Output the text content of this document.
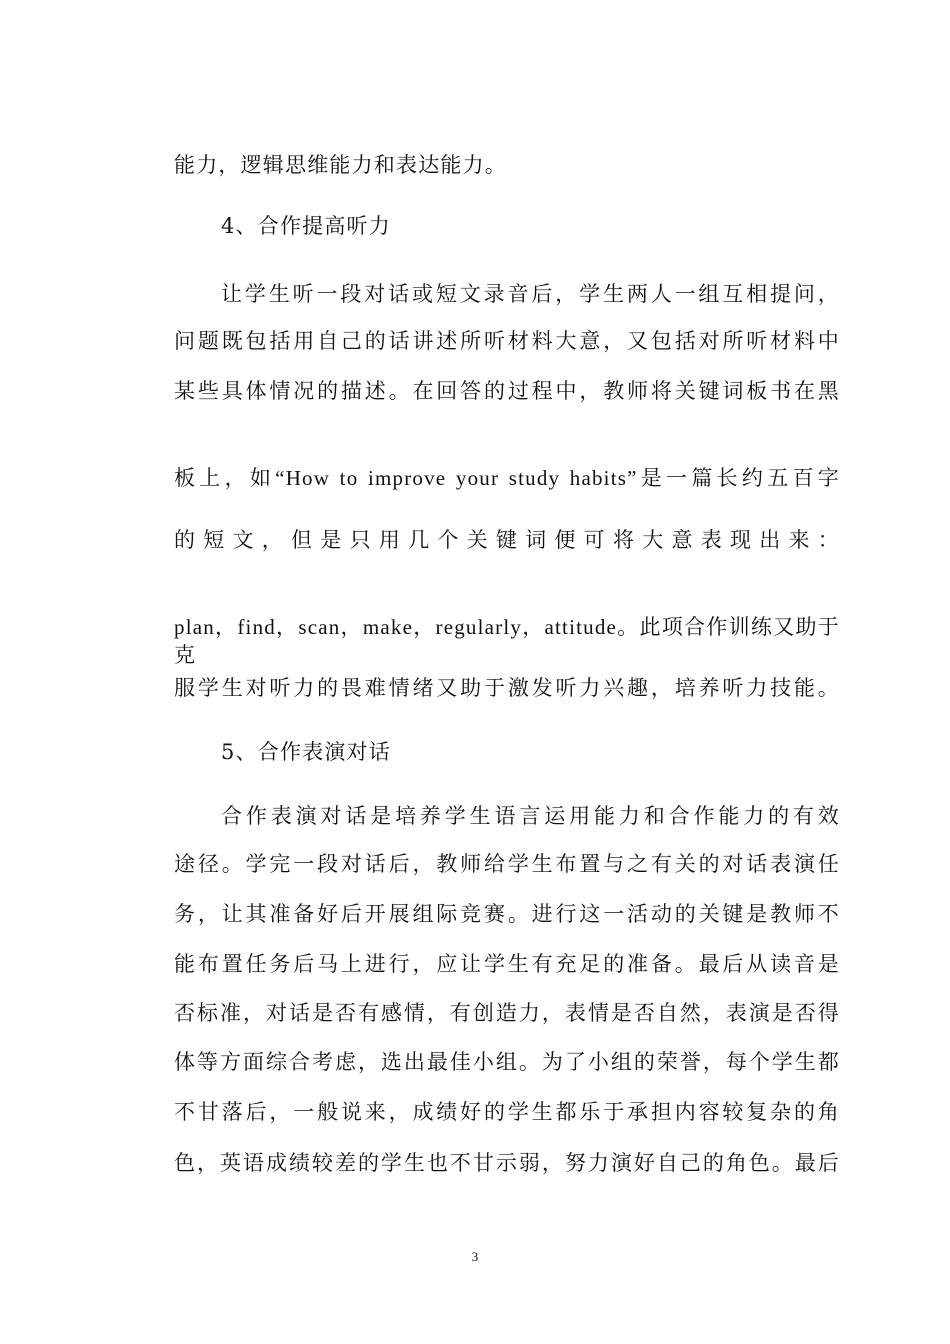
能力，逻辑思维能力和表达能力。
4、合作提高听力
让学生听一段对话或短文录音后，学生两人一组互相提问，
问题既包括用自己的话讲述所听材料大意，又包括对所听材料中
某些具体情况的描述。在回答的过程中，教师将关键词板书在黑
板上，如“How to improve your study habits”是一篇长约五百字
的短文，但是只用几个关键词便可将大意表现出来：
plan，find，scan，make，regularly，attitude。此项合作训练又助于克
服学生对听力的畏难情绪又助于激发听力兴趣，培养听力技能。
5、合作表演对话
合作表演对话是培养学生语言运用能力和合作能力的有效
途径。学完一段对话后，教师给学生布置与之有关的对话表演任
务，让其准备好后开展组际竞赛。进行这一活动的关键是教师不
能布置任务后马上进行，应让学生有充足的准备。最后从读音是
否标准，对话是否有感情，有创造力，表情是否自然，表演是否得
体等方面综合考虑，选出最佳小组。为了小组的荣誉，每个学生都
不甘落后，一般说来，成绩好的学生都乐于承担内容较复杂的角
色，英语成绩较差的学生也不甘示弱，努力演好自己的角色。最后
3
